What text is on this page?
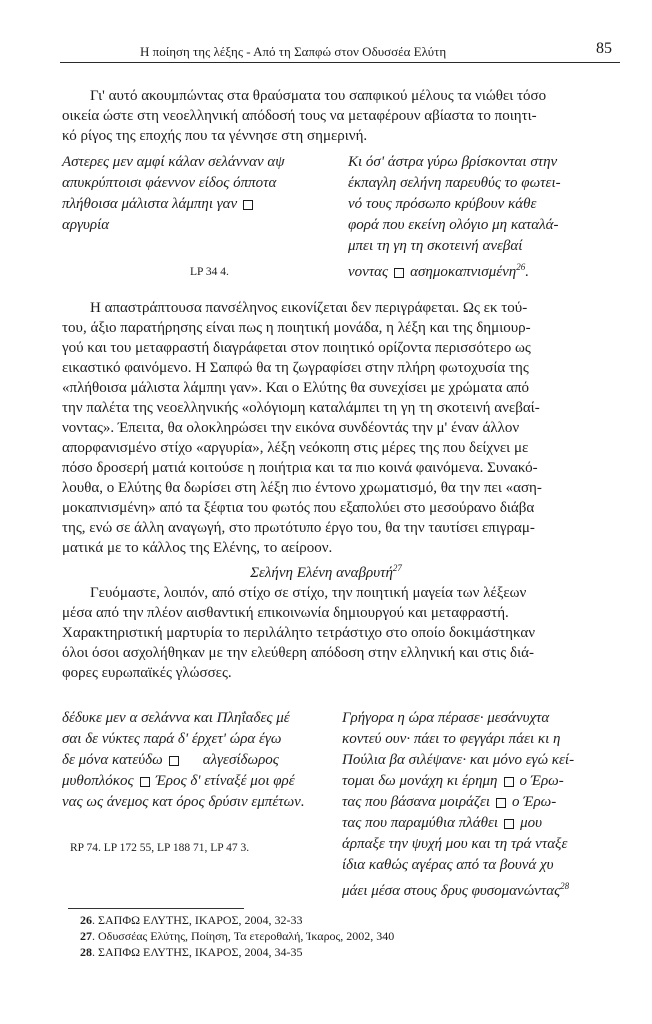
Η ποίηση της λέξης - Από τη Σαπφώ στον Οδυσσέα Ελύτη	85
Γι' αυτό ακουμπώντας στα θραύσματα του σαπφικού μέλους τα νιώθει τόσο
οικεία ώστε στη νεοελληνική απόδοσή τους να μεταφέρουν αβίαστα το ποιητι-
κό ρίγος της εποχής που τα γέννησε στη σημερινή.
Αστερες μεν αμφί κάλαν σελάνναν αψ
απυκρύπτοισι φάεννον είδος όπποτα
πλήθοισα μάλιστα λάμπηι γαν
αργυρία
Κι όσ' άστρα γύρω βρίσκονται στην
έκπαγλη σελήνη παρευθύς το φωτει-
νό τους πρόσωπο κρύβουν κάθε
φορά που εκείνη ολόγιο μη καταλά-
μπει τη γη τη σκοτεινή ανεβαί
νοντας ασημοκαπνισμένη$^{26}$.
LP 34 4.
Η απαστράπτουσα πανσέληνος εικονίζεται δεν περιγράφεται. Ως εκ τού-
του, άξιο παρατήρησης είναι πως η ποιητική μονάδα, η λέξη και της δημιουρ-
γού και του μεταφραστή διαγράφεται στον ποιητικό ορίζοντα περισσότερο ως
εικαστικό φαινόμενο. Η Σαπφώ θα τη ζωγραφίσει στην πλήρη φωτοχυσία της
«πλήθοισα μάλιστα λάμπηι γαν». Και ο Ελύτης θα συνεχίσει με χρώματα από
την παλέτα της νεοελληνικής «ολόγιομη καταλάμπει τη γη τη σκοτεινή ανεβαί-
νοντας». Έπειτα, θα ολοκληρώσει την εικόνα συνδέοντάς την μ' έναν άλλον
απορφανισμένο στίχο «αργυρία», λέξη νεόκοπη στις μέρες της που δείχνει με
πόσο δροσερή ματιά κοιτούσε η ποιήτρια και τα πιο κοινά φαινόμενα. Συνακό-
λουθα, ο Ελύτης θα δωρίσει στη λέξη πιο έντονο χρωματισμό, θα την πει «αση-
μοκαπνισμένη» από τα ξέφτια του φωτός που εξαπολύει στο μεσούρανο διάβα
της, ενώ σε άλλη αναγωγή, στο πρωτότυπο έργο του, θα την ταυτίσει επιγραμ-
ματικά με το κάλλος της Ελένης, το αείροον.
Σελήνη Ελένη αναβρυτή$^{27}$
Γευόμαστε, λοιπόν, από στίχο σε στίχο, την ποιητική μαγεία των λέξεων
μέσα από την πλέον αισθαντική επικοινωνία δημιουργού και μεταφραστή.
Χαρακτηριστική μαρτυρία το περιλάλητο τετράστιχο στο οποίο δοκιμάστηκαν
όλοι όσοι ασχολήθηκαν με την ελεύθερη απόδοση στην ελληνική και στις διά-
φορες ευρωπαϊκές γλώσσες.
δέδυκε μεν α σελάννα και Πληΐαδες μέ
σαι δε νύκτες παρά δ' έρχετ' ώρα έγω
δε μόνα κατεύδω	αλγεσίδωρος
μυθοπλόκος Έρος δ' ετίναξέ μοι φρέ
νας ως άνεμος κατ όρος δρύσιν εμπέτων.
Γρήγορα η ώρα πέρασε· μεσάνυχτα
κοντεύ ουν· πάει το φεγγάρι πάει κι η
Πούλια βα σιλέψανε· και μόνο εγώ κεί-
τομαι δω μονάχη κι έρημη ο Έρω-
τας που βάσανα μοιράζει ο Έρω-
τας που παραμύθια πλάθει μου
άρπαξε την ψυχή μου και τη τρά νταξε
ίδια καθώς αγέρας από τα βουνά χυ
μάει μέσα στους δρυς φυσομανώντας$^{28}$
RP 74. LP 172 55, LP 188 71, LP 47 3.
26. ΣΑΠΦΩ ΕΛΥΤΗΣ, ΙΚΑΡΟΣ, 2004, 32-33
27. Οδυσσέας Ελύτης, Ποίηση, Τα ετεροθαλή, Ίκαρος, 2002, 340
28. ΣΑΠΦΩ ΕΛΥΤΗΣ, ΙΚΑΡΟΣ, 2004, 34-35
